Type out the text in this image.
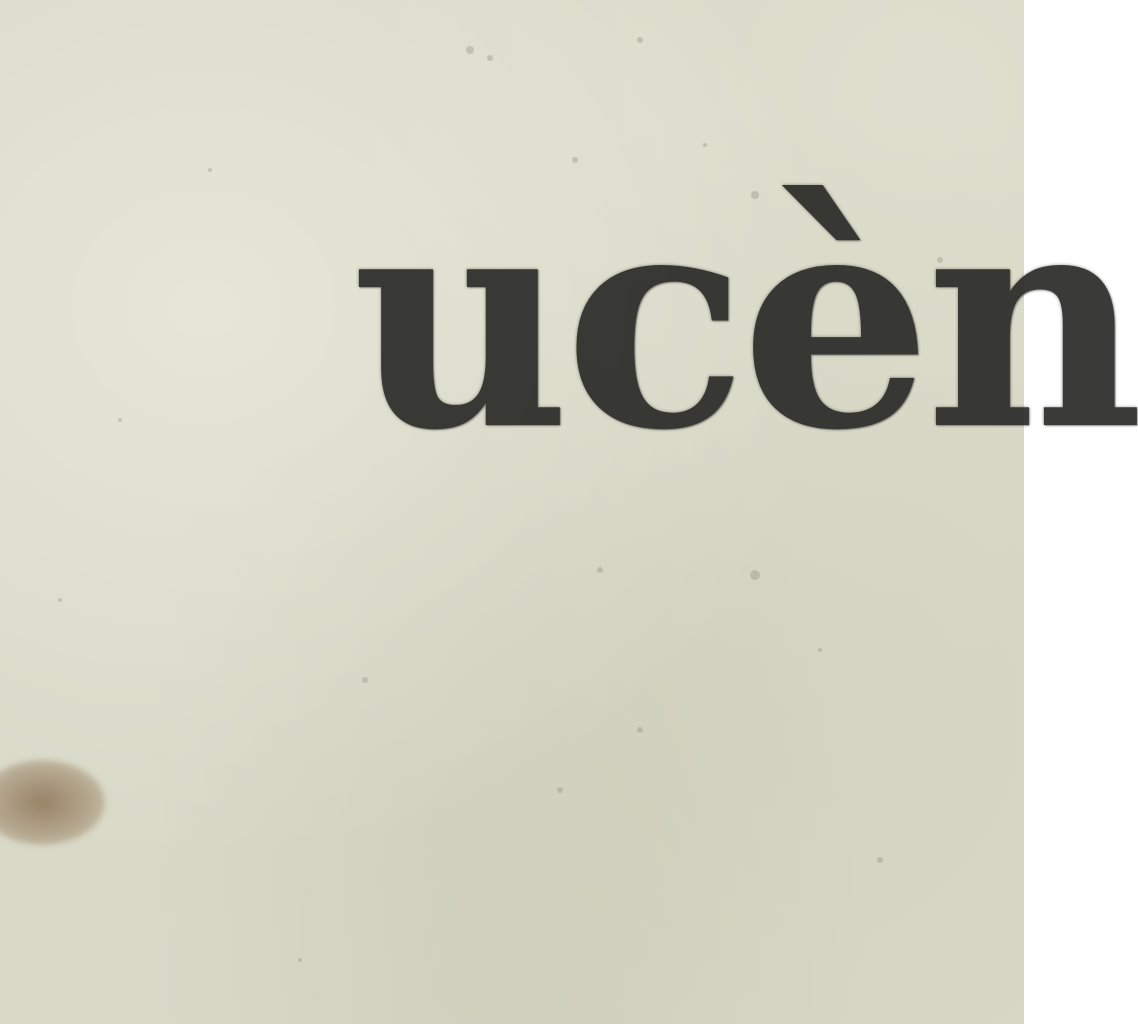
ucèn
